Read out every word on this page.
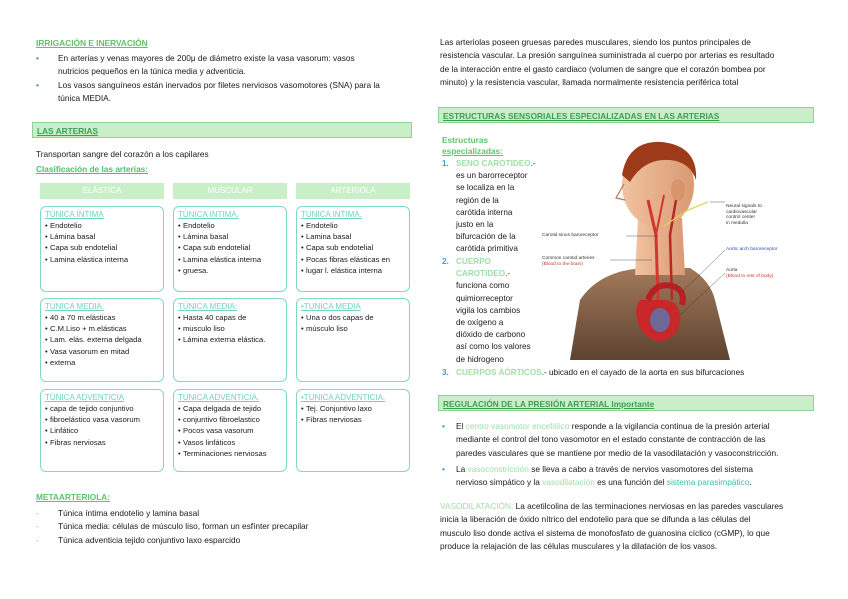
IRRIGACIÓN E INERVACIÓN
• En arterias y venas mayores de 200μ de diámetro existe la vasa vasorum: vasos
nutricios pequeños en la túnica media y adventicia.
• Los vasos sanguíneos están inervados por filetes nerviosos vasomotores (SNA) para la
túnica MEDIA.
LAS ARTERIAS
Transportan sangre del corazón a los capilares
Clasificación de las arterias:
ELÁSTICA	MUSCULAR	ARTERIOLA
TÚNICA ÍNTIMA
• Endotelio
• Lámina basal
• Capa sub endotelial
• Lamina elástica interna
TÚNICA INTIMA.
• Endotelio
• Lámina basal
• Capa sub endotelial
• Lamina elástica interna
• gruesa.
TUNICA INTIMA.
• Endotelio
• Lamina basal
• Capa sub endotelial
• Pocas fibras elásticas en
• lugar l. elástica interna
TÚNICA MEDIA:
• 40 a 70 m.elásticas
• C.M.Liso + m.elásticas
• Lam. elás. externa delgada
• Vasa vasorum en mitad
• externa
TÚNICA MEDIA:
• Hasta 40 capas de
• musculo liso
• Lámina externa elástica.
•TUNICA MEDIA
• Una o dos capas de
• músculo liso
TÚNICA ADVENTICIA
• capa de tejido conjuntivo
• fibroelástico vasa vasorum
• Linfático
• Fibras nerviosas
TÚNICA ADVENTICIA.
• Capa delgada de tejido
• conjuntivo fibroelastico
• Pocos vasa vasorum
• Vasos linfáticos
• Terminaciones nerviosas
•TUNICA ADVENTICIA.
• Tej. Conjuntivo laxo
• Fibras nerviosas
METAARTERIOLA:
- Túnica íntima endotelio y lamina basal
- Túnica media: células de músculo liso, forman un esfínter precapilar
- Túnica adventicia tejido conjuntivo laxo esparcido
Las arteriolas poseen gruesas paredes musculares, siendo los puntos principales de
resistencia vascular. La presión sanguínea suministrada al cuerpo por arterias es resultado
de la interacción entre el gasto cardiaco (volumen de sangre que el corazón bombea por
minuto) y la resistencia vascular, llamada normalmente resistencia periférica total
ESTRUCTURAS SENSORIALES ESPECIALIZADAS EN LAS ARTERIAS
Estructuras
especializadas:
1. SENO CAROTIDEO.-
es un barorreceptor
se localiza en la
región de la
carótida interna
justo en la
bifurcación de la
carótida primitiva
2. CUERPO
CAROTIDEO.-
funciona como
quimiorreceptor
vigila los cambios
de oxígeno a
dióxido de carbono
así como los valores
de hidrogeno
3. CUERPOS AÓRTICOS.- ubicado en el cayado de la aorta en sus bifurcaciones
Neural signals to
cardiovascular
control center
in medulla
Carotid sinus baroreceptor
Aortic arch baroreceptor
Common carotid arteries
(Blood to the brain)
Aorta
(Blood to rest of body)
REGULACIÓN DE LA PRESIÓN ARTERIAL Importante
• El centro vasomotor encefálico responde a la vigilancia continua de la presión arterial
mediante el control del tono vasomotor en el estado constante de contracción de las
paredes vasculares que se mantiene por medio de la vasodilatación y vasoconstricción.
• La vasoconstricción se lleva a cabo a través de nervios vasomotores del sistema
nervioso simpático y la vasodilatación es una función del sistema parasimpático.
VASODILATACIÓN: La acetilcolina de las terminaciones nerviosas en las paredes vasculares
inicia la liberación de óxido nítrico del endotelio para que se difunda a las células del
musculo liso donde activa el sistema de monofosfato de guanosina cíclico (cGMP), lo que
produce la relajación de las células musculares y la dilatación de los vasos.
